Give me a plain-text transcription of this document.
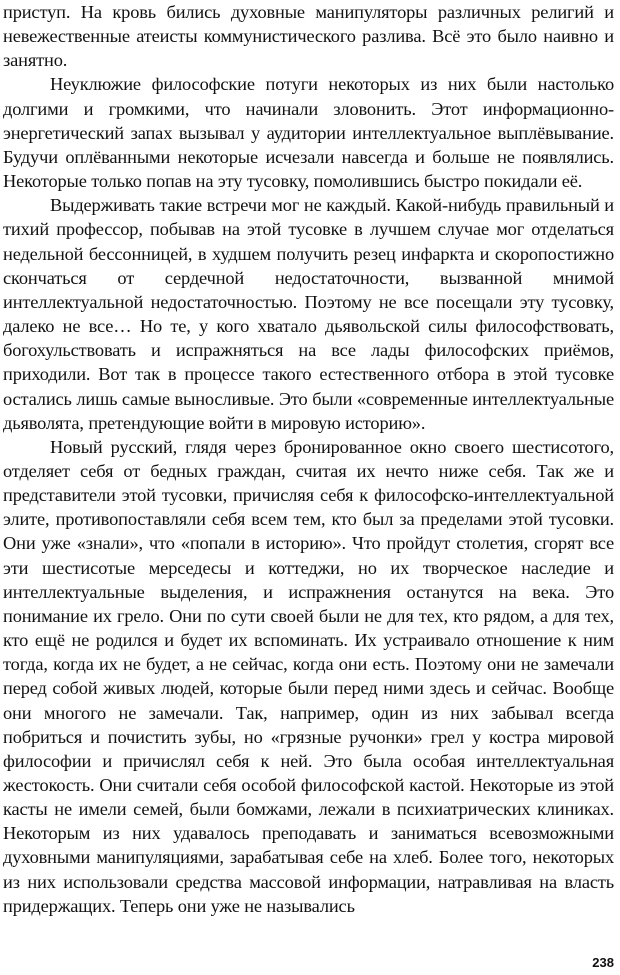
приступ. На кровь бились духовные манипуляторы различных религий и невежественные атеисты коммунистического разлива. Всё это было наивно и занятно.

Неуклюжие философские потуги некоторых из них были настолько долгими и громкими, что начинали зловонить. Этот информационно-энергетический запах вызывал у аудитории интеллектуальное выплёвывание. Будучи оплёванными некоторые исчезали навсегда и больше не появлялись. Некоторые только попав на эту тусовку, помолившись быстро покидали её.

Выдерживать такие встречи мог не каждый. Какой-нибудь правильный и тихий профессор, побывав на этой тусовке в лучшем случае мог отделаться недельной бессонницей, в худшем получить резец инфаркта и скоропостижно скончаться от сердечной недостаточности, вызванной мнимой интеллектуальной недостаточностью. Поэтому не все посещали эту тусовку, далеко не все… Но те, у кого хватало дьявольской силы философствовать, богохульствовать и испражняться на все лады философских приёмов, приходили. Вот так в процессе такого естественного отбора в этой тусовке остались лишь самые выносливые. Это были «современные интеллектуальные дьяволята, претендующие войти в мировую историю».

Новый русский, глядя через бронированное окно своего шестисотого, отделяет себя от бедных граждан, считая их нечто ниже себя. Так же и представители этой тусовки, причисляя себя к философско-интеллектуальной элите, противопоставляли себя всем тем, кто был за пределами этой тусовки. Они уже «знали», что «попали в историю». Что пройдут столетия, сгорят все эти шестисотые мерседесы и коттеджи, но их творческое наследие и интеллектуальные выделения, и испражнения останутся на века. Это понимание их грело. Они по сути своей были не для тех, кто рядом, а для тех, кто ещё не родился и будет их вспоминать. Их устраивало отношение к ним тогда, когда их не будет, а не сейчас, когда они есть. Поэтому они не замечали перед собой живых людей, которые были перед ними здесь и сейчас. Вообще они многого не замечали. Так, например, один из них забывал всегда побриться и почистить зубы, но «грязные ручонки» грел у костра мировой философии и причислял себя к ней. Это была особая интеллектуальная жестокость. Они считали себя особой философской кастой. Некоторые из этой касты не имели семей, были бомжами, лежали в психиатрических клиниках. Некоторым из них удавалось преподавать и заниматься всевозможными духовными манипуляциями, зарабатывая себе на хлеб. Более того, некоторых из них использовали средства массовой информации, натравливая на власть придержащих. Теперь они уже не назывались

238
